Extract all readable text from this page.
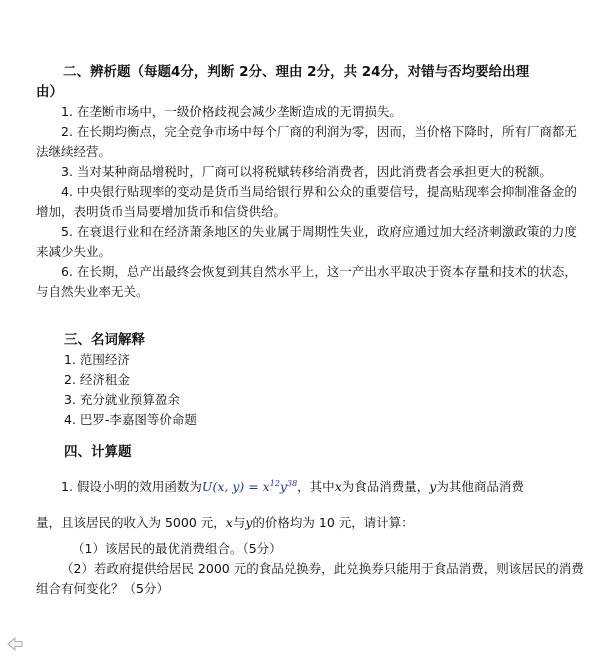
二、辨析题（每题4分，判断 2分、理由 2分，共 24分，对错与否均要给出理
由）
1. 在垄断市场中，一级价格歧视会减少垄断造成的无谓损失。
2. 在长期均衡点，完全竞争市场中每个厂商的利润为零，因而，当价格下降时，所有厂商都无法继续经营。
3. 当对某种商品增税时，厂商可以将税赋转移给消费者，因此消费者会承担更大的税额。
4. 中央银行贴现率的变动是货币当局给银行界和公众的重要信号，提高贴现率会抑制准备金的增加，表明货币当局要增加货币和信贷供给。
5. 在衰退行业和在经济萧条地区的失业属于周期性失业，政府应通过加大经济刺激政策的力度来减少失业。
6. 在长期，总产出最终会恢复到其自然水平上，这一产出水平取决于资本存量和技术的状态，与自然失业率无关。
三、名词解释
1. 范围经济
2. 经济租金
3. 充分就业预算盈余
4. 巴罗-李嘉图等价命题
四、计算题
1. 假设小明的效用函数为U(x, $y) = x^{12}y^{38}$，其中x为食品消费量，y为其他商品消费
量，且该居民的收入为 5000 元，x与y的价格均为 10 元，请计算：
（1）该居民的最优消费组合。（5分）
（2）若政府提供给居民 2000 元的食品兑换券，此兑换券只能用于食品消费，则该居民的消费组合有何变化？（5分）
